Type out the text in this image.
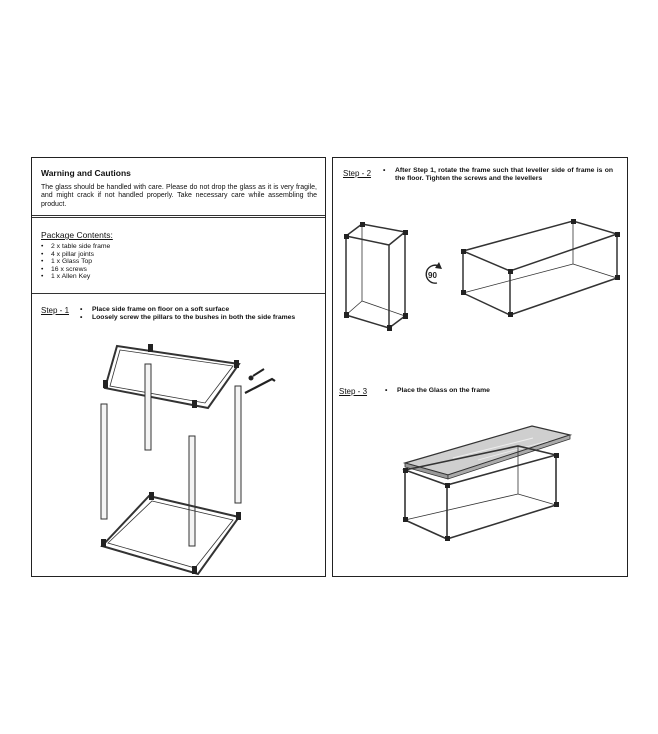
Warning and Cautions
The glass should be handled with care. Please do not drop the glass as it is very fragile, and might crack if not handled properly. Take necessary care while assembling the product.
Package Contents:
• 2 x table side frame
• 4 x pillar joints
• 1 x Glass Top
• 16 x screws
• 1 x Allen Key
Step - 1	• Place side frame on floor on a soft surface
• Loosely screw the pillars to the bushes in both the side frames
Step - 2	• After Step 1, rotate the frame such that leveller side of frame is on the floor. Tighten the screws and the levellers
90
Step - 3	• Place the Glass on the frame
